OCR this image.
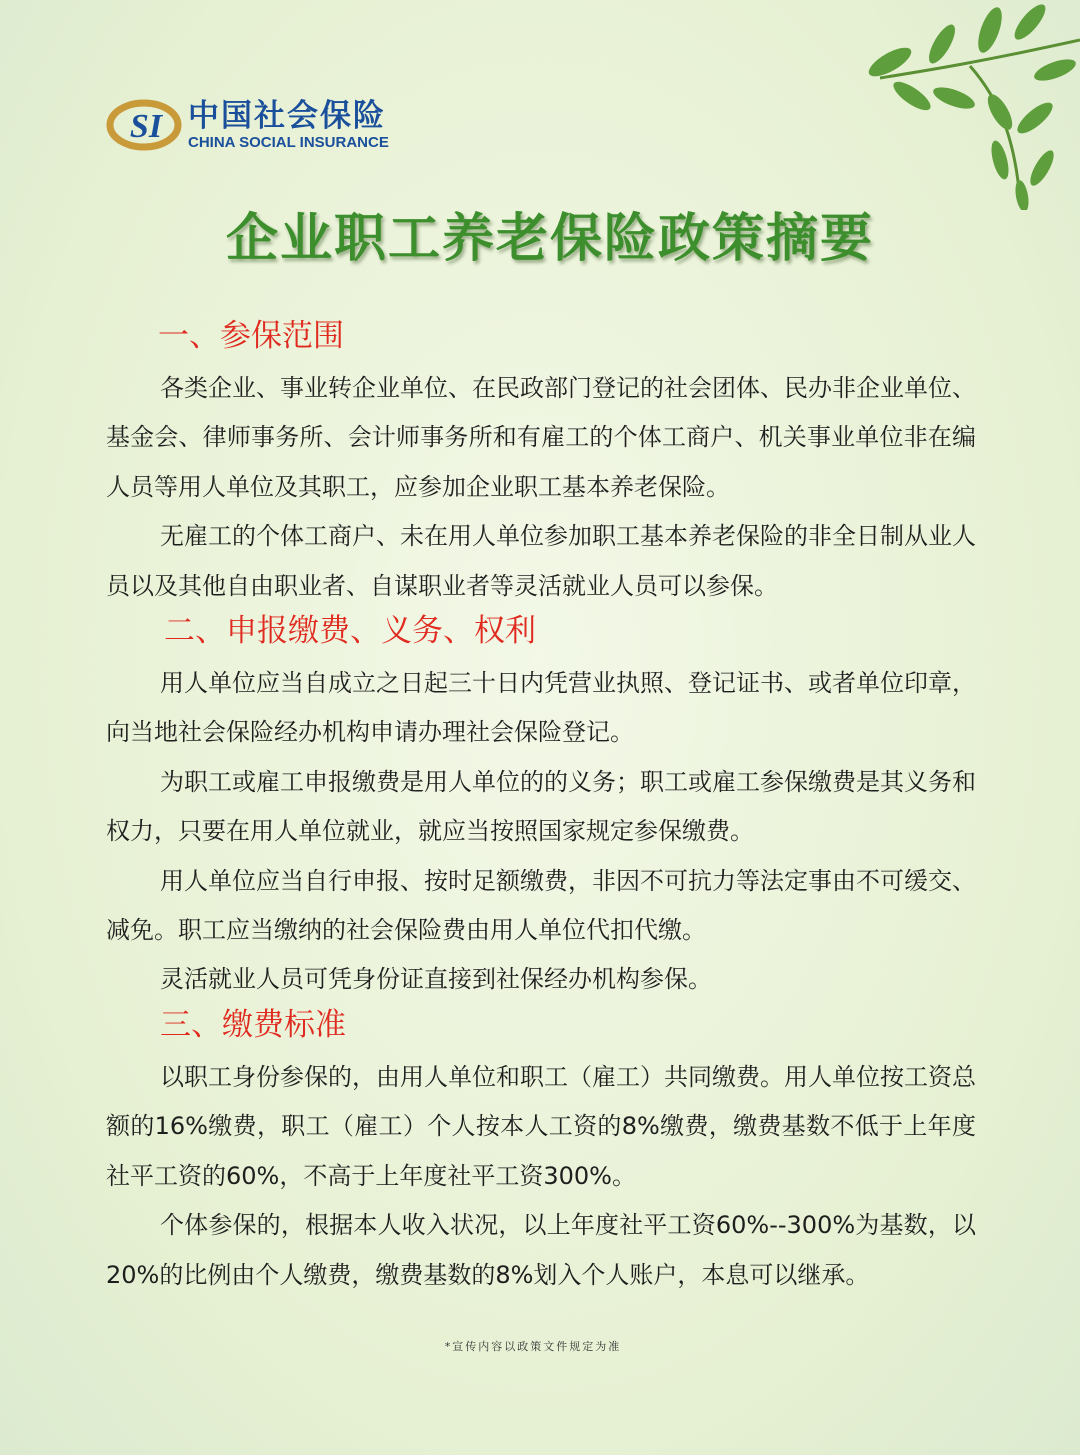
SI 中国社会保险
CHINA SOCIAL INSURANCE
企业职工养老保险政策摘要
一、参保范围

各类企业、事业转企业单位、在民政部门登记的社会团体、民办非企业单位、基金会、律师事务所、会计师事务所和有雇工的个体工商户、机关事业单位非在编人员等用人单位及其职工，应参加企业职工基本养老保险。

无雇工的个体工商户、未在用人单位参加职工基本养老保险的非全日制从业人员以及其他自由职业者、自谋职业者等灵活就业人员可以参保。

二、申报缴费、义务、权利

用人单位应当自成立之日起三十日内凭营业执照、登记证书、或者单位印章，向当地社会保险经办机构申请办理社会保险登记。

为职工或雇工申报缴费是用人单位的的义务；职工或雇工参保缴费是其义务和权力，只要在用人单位就业，就应当按照国家规定参保缴费。

用人单位应当自行申报、按时足额缴费，非因不可抗力等法定事由不可缓交、减免。职工应当缴纳的社会保险费由用人单位代扣代缴。

灵活就业人员可凭身份证直接到社保经办机构参保。

三、缴费标准

以职工身份参保的，由用人单位和职工（雇工）共同缴费。用人单位按工资总额的16%缴费，职工（雇工）个人按本人工资的8%缴费，缴费基数不低于上年度社平工资的60%，不高于上年度社平工资300%。

个体参保的，根据本人收入状况，以上年度社平工资60%--300%为基数，以20%的比例由个人缴费，缴费基数的8%划入个人账户，本息可以继承。

*宣传内容以政策文件规定为准
